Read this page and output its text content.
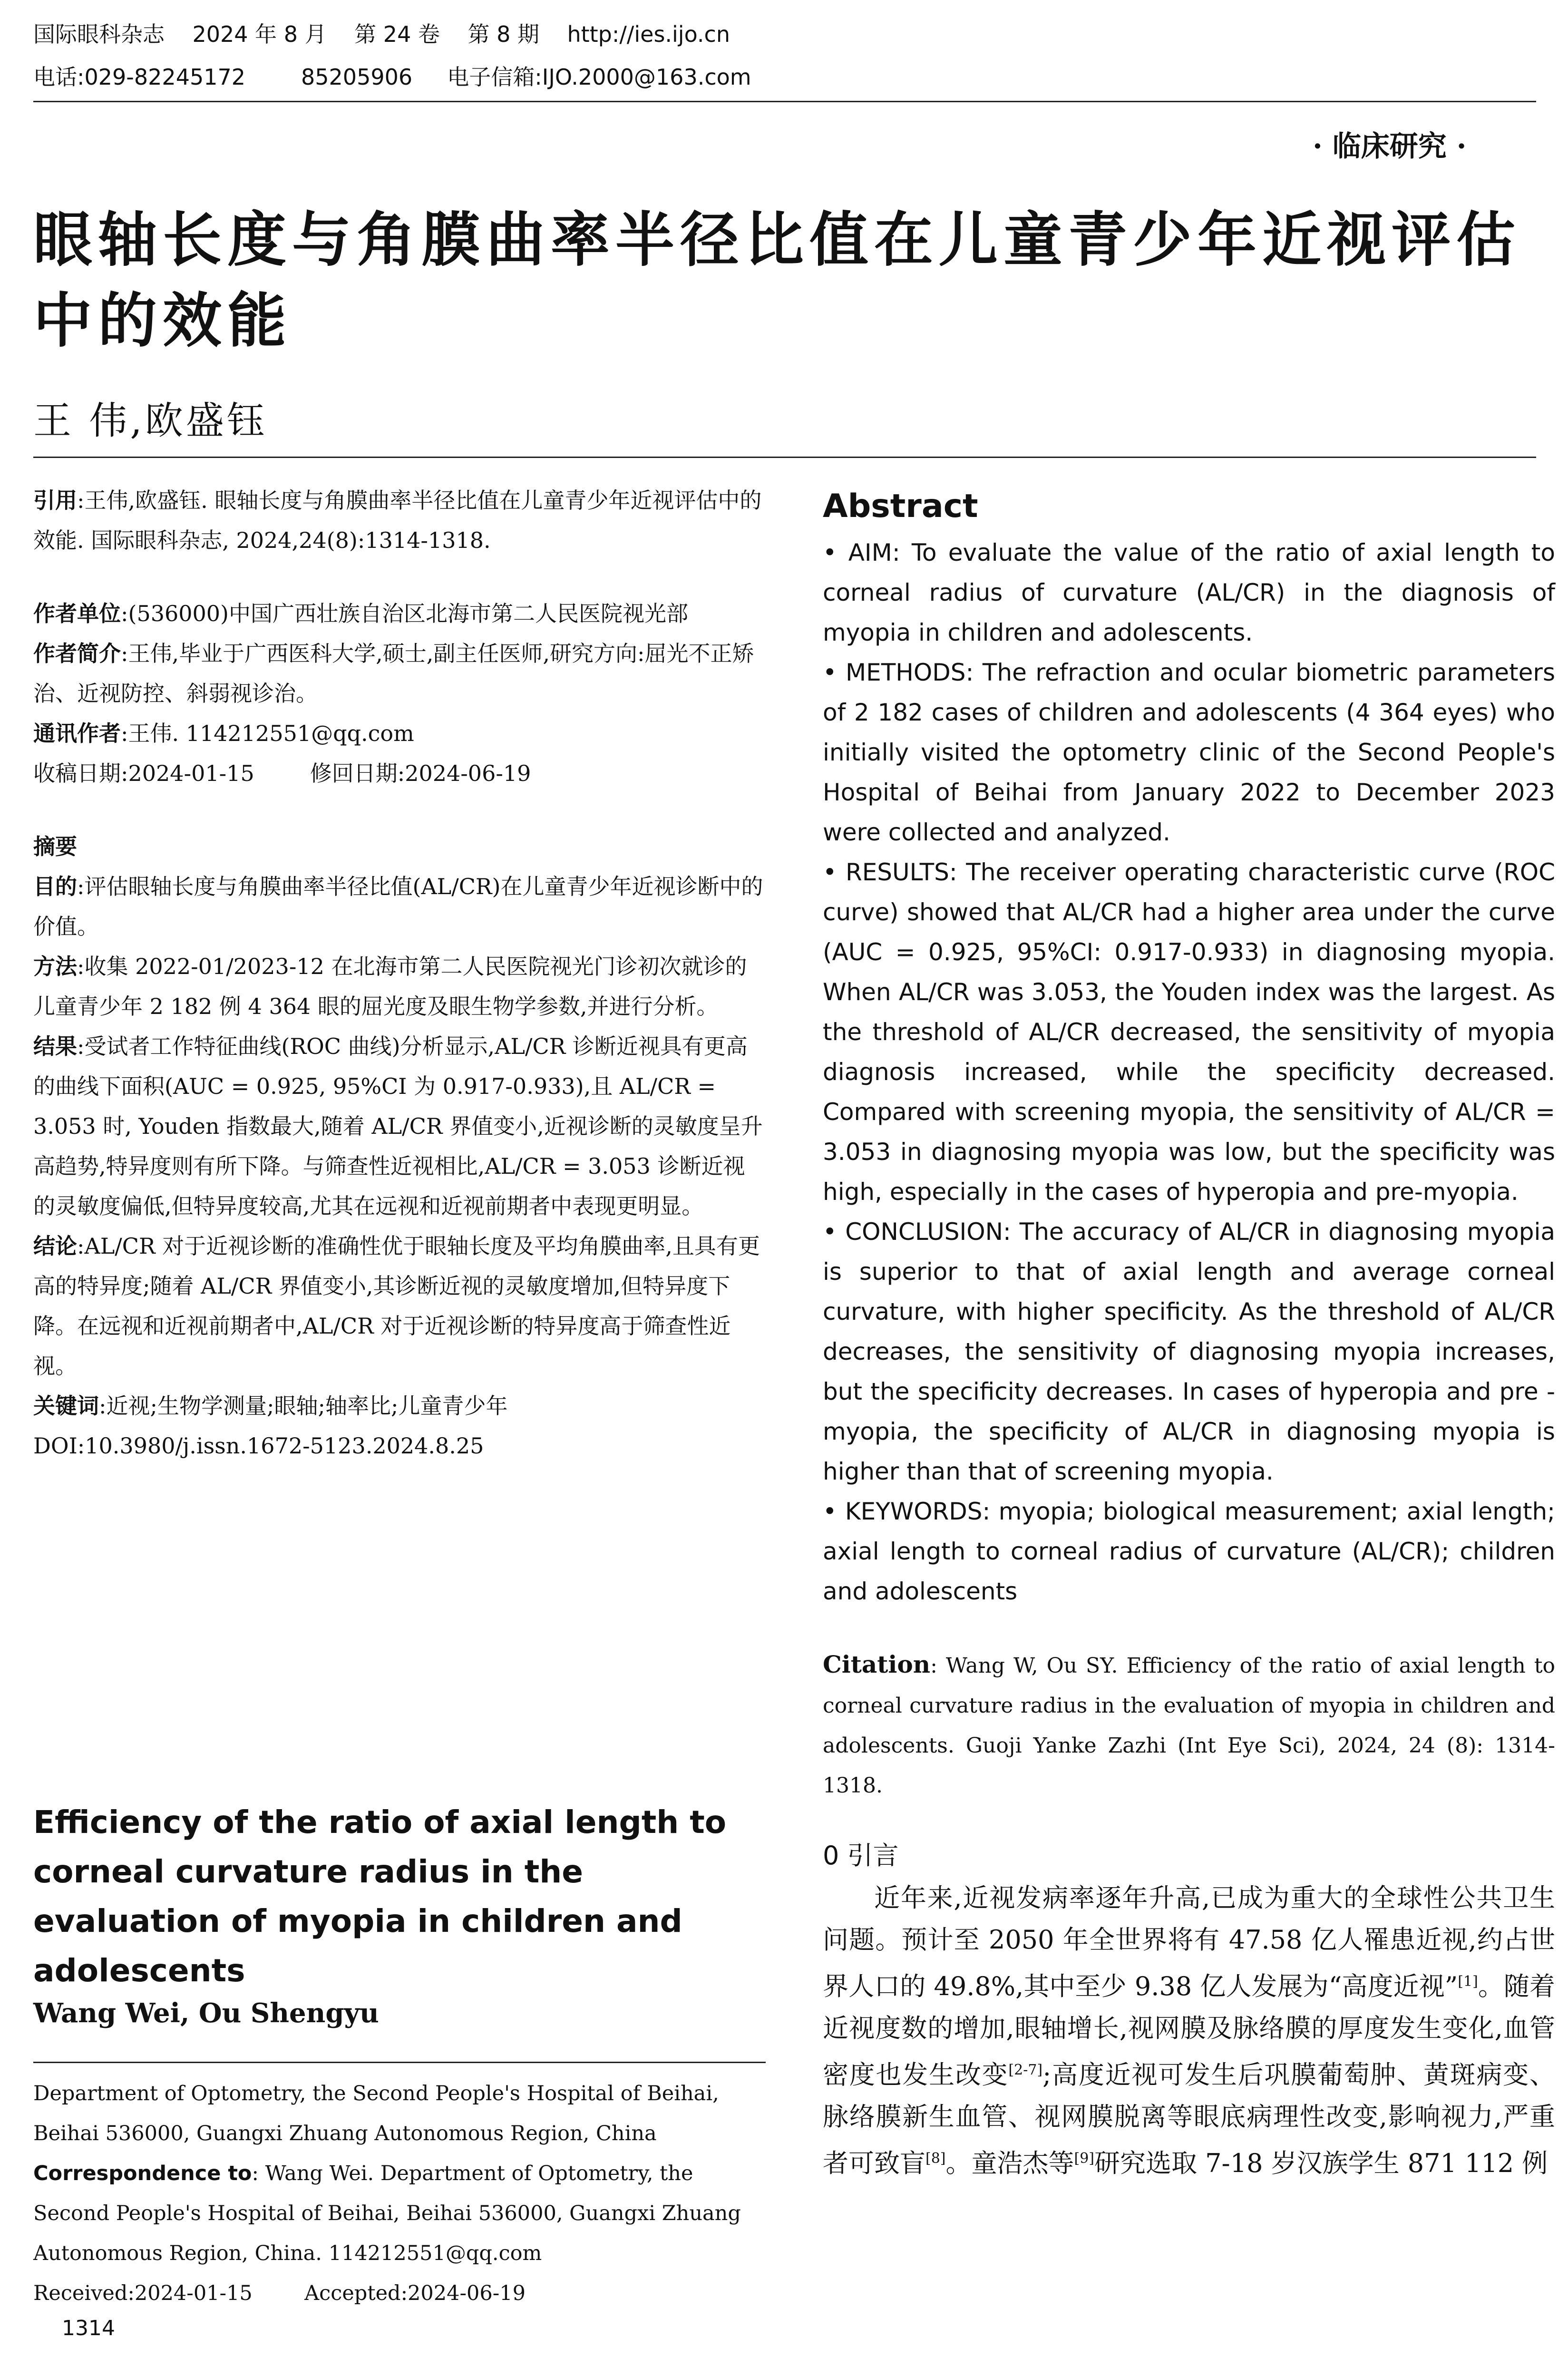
国际眼科杂志    2024 年 8 月    第 24 卷    第 8 期    http://ies.ijo.cn
电话:029-82245172        85205906     电子信箱:IJO.2000@163.com
· 临床研究 ·
眼轴长度与角膜曲率半径比值在儿童青少年近视评估中的效能
王 伟,欧盛钰

引用:王伟,欧盛钰. 眼轴长度与角膜曲率半径比值在儿童青少年近视评估中的效能. 国际眼科杂志, 2024,24(8):1314-1318.

作者单位:(536000)中国广西壮族自治区北海市第二人民医院视光部

作者简介:王伟,毕业于广西医科大学,硕士,副主任医师,研究方向:屈光不正矫治、近视防控、斜弱视诊治。

通讯作者:王伟. 114212551@qq.com

收稿日期:2024-01-15        修回日期:2024-06-19

摘要

目的:评估眼轴长度与角膜曲率半径比值(AL/CR)在儿童青少年近视诊断中的价值。

方法:收集 2022-01/2023-12 在北海市第二人民医院视光门诊初次就诊的儿童青少年 2 182 例 4 364 眼的屈光度及眼生物学参数,并进行分析。

结果:受试者工作特征曲线(ROC 曲线)分析显示,AL/CR 诊断近视具有更高的曲线下面积(AUC = 0.925, 95%CI 为 0.917-0.933),且 AL/CR = 3.053 时, Youden 指数最大,随着 AL/CR 界值变小,近视诊断的灵敏度呈升高趋势,特异度则有所下降。与筛查性近视相比,AL/CR = 3.053 诊断近视的灵敏度偏低,但特异度较高,尤其在远视和近视前期者中表现更明显。

结论:AL/CR 对于近视诊断的准确性优于眼轴长度及平均角膜曲率,且具有更高的特异度;随着 AL/CR 界值变小,其诊断近视的灵敏度增加,但特异度下降。在远视和近视前期者中,AL/CR 对于近视诊断的特异度高于筛查性近视。

关键词:近视;生物学测量;眼轴;轴率比;儿童青少年

DOI:10.3980/j.issn.1672-5123.2024.8.25

Efficiency of the ratio of axial length to corneal curvature radius in the evaluation of myopia in children and adolescents
Wang Wei, Ou Shengyu

Department of Optometry, the Second People's Hospital of Beihai, Beihai 536000, Guangxi Zhuang Autonomous Region, China

Correspondence to: Wang Wei. Department of Optometry, the Second People's Hospital of Beihai, Beihai 536000, Guangxi Zhuang Autonomous Region, China. 114212551@qq.com

Received:2024-01-15        Accepted:2024-06-19

1314
Abstract

• AIM: To evaluate the value of the ratio of axial length to corneal radius of curvature (AL/CR) in the diagnosis of myopia in children and adolescents.

• METHODS: The refraction and ocular biometric parameters of 2 182 cases of children and adolescents (4 364 eyes) who initially visited the optometry clinic of the Second People's Hospital of Beihai from January 2022 to December 2023 were collected and analyzed.

• RESULTS: The receiver operating characteristic curve (ROC curve) showed that AL/CR had a higher area under the curve (AUC = 0.925, 95%CI: 0.917-0.933) in diagnosing myopia. When AL/CR was 3.053, the Youden index was the largest. As the threshold of AL/CR decreased, the sensitivity of myopia diagnosis increased, while the specificity decreased. Compared with screening myopia, the sensitivity of AL/CR = 3.053 in diagnosing myopia was low, but the specificity was high, especially in the cases of hyperopia and pre-myopia.

• CONCLUSION: The accuracy of AL/CR in diagnosing myopia is superior to that of axial length and average corneal curvature, with higher specificity. As the threshold of AL/CR decreases, the sensitivity of diagnosing myopia increases, but the specificity decreases. In cases of hyperopia and pre - myopia, the specificity of AL/CR in diagnosing myopia is higher than that of screening myopia.

• KEYWORDS: myopia; biological measurement; axial length; axial length to corneal radius of curvature (AL/CR); children and adolescents

Citation: Wang W, Ou SY. Efficiency of the ratio of axial length to corneal curvature radius in the evaluation of myopia in children and adolescents. Guoji Yanke Zazhi (Int Eye Sci), 2024, 24 (8): 1314-1318.
0 引言

近年来,近视发病率逐年升高,已成为重大的全球性公共卫生问题。预计至 2050 年全世界将有 47.58 亿人罹患近视,约占世界人口的 49.8%,其中至少 9.38 亿人发展为“高度近视”[1]。随着近视度数的增加,眼轴增长,视网膜及脉络膜的厚度发生变化,血管密度也发生改变[2-7];高度近视可发生后巩膜葡萄肿、黄斑病变、脉络膜新生血管、视网膜脱离等眼底病理性改变,影响视力,严重者可致盲[8]。童浩杰等[9]研究选取 7-18 岁汉族学生 871 112 例
